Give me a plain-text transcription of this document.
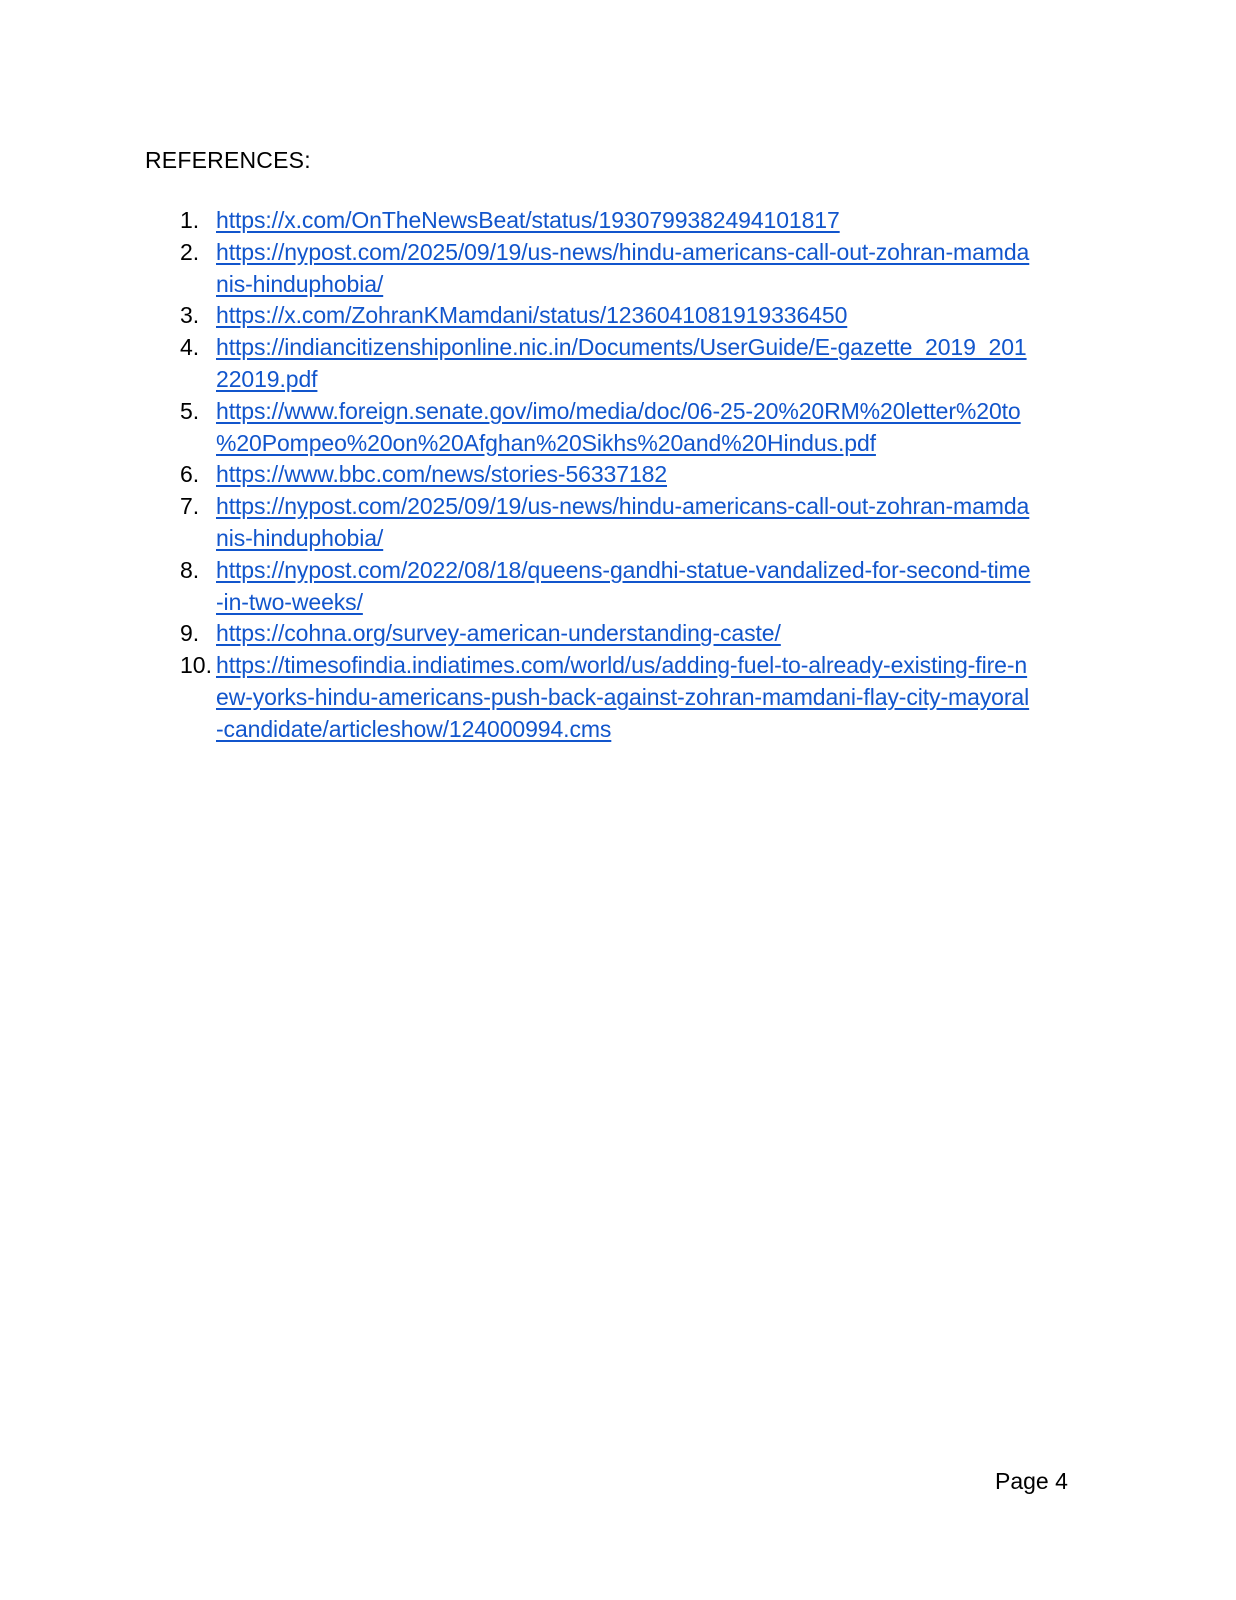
REFERENCES:
1. https://x.com/OnTheNewsBeat/status/1930799382494101817
2. https://nypost.com/2025/09/19/us-news/hindu-americans-call-out-zohran-mamda
nis-hinduphobia/
3. https://x.com/ZohranKMamdani/status/1236041081919336450
4. https://indiancitizenshiponline.nic.in/Documents/UserGuide/E-gazette_2019_201
22019.pdf
5. https://www.foreign.senate.gov/imo/media/doc/06-25-20%20RM%20letter%20to
%20Pompeo%20on%20Afghan%20Sikhs%20and%20Hindus.pdf
6. https://www.bbc.com/news/stories-56337182
7. https://nypost.com/2025/09/19/us-news/hindu-americans-call-out-zohran-mamda
nis-hinduphobia/
8. https://nypost.com/2022/08/18/queens-gandhi-statue-vandalized-for-second-time
-in-two-weeks/
9. https://cohna.org/survey-american-understanding-caste/
10. https://timesofindia.indiatimes.com/world/us/adding-fuel-to-already-existing-fire-n
ew-yorks-hindu-americans-push-back-against-zohran-mamdani-flay-city-mayoral
-candidate/articleshow/124000994.cms
Page 4
